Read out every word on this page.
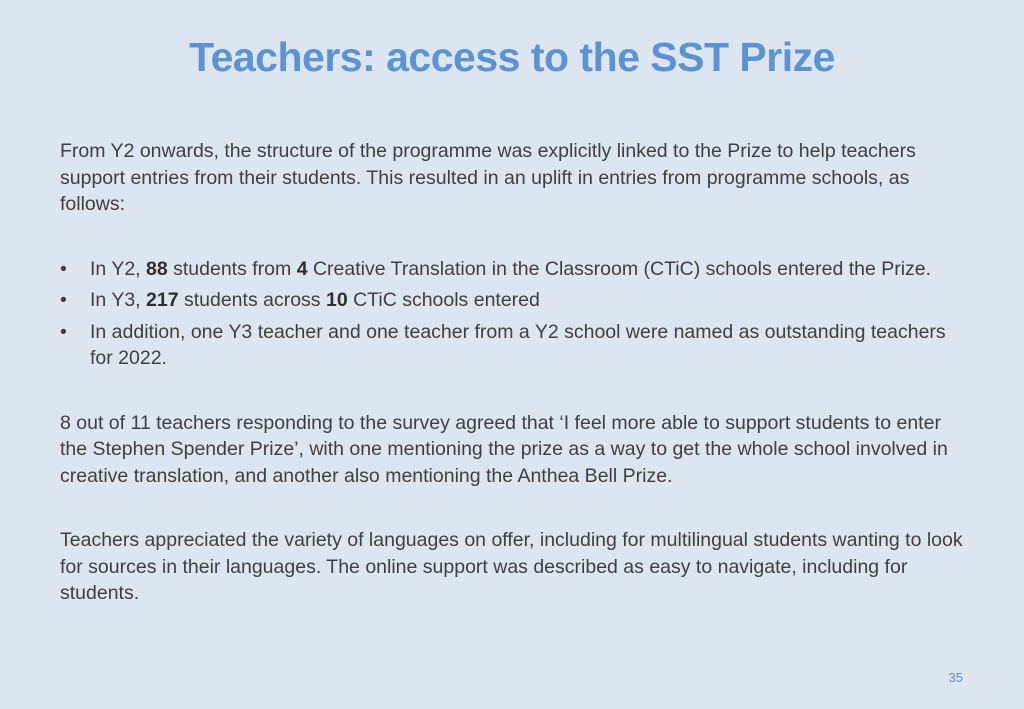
Teachers: access to the SST Prize

From Y2 onwards, the structure of the programme was explicitly linked to the Prize to help teachers support entries from their students. This resulted in an uplift in entries from programme schools, as follows:

• In Y2, 88 students from 4 Creative Translation in the Classroom (CTiC) schools entered the Prize.
• In Y3, 217 students across 10 CTiC schools entered
• In addition, one Y3 teacher and one teacher from a Y2 school were named as outstanding teachers for 2022.

8 out of 11 teachers responding to the survey agreed that ‘I feel more able to support students to enter the Stephen Spender Prize’, with one mentioning the prize as a way to get the whole school involved in creative translation, and another also mentioning the Anthea Bell Prize.

Teachers appreciated the variety of languages on offer, including for multilingual students wanting to look for sources in their languages. The online support was described as easy to navigate, including for students.

35
